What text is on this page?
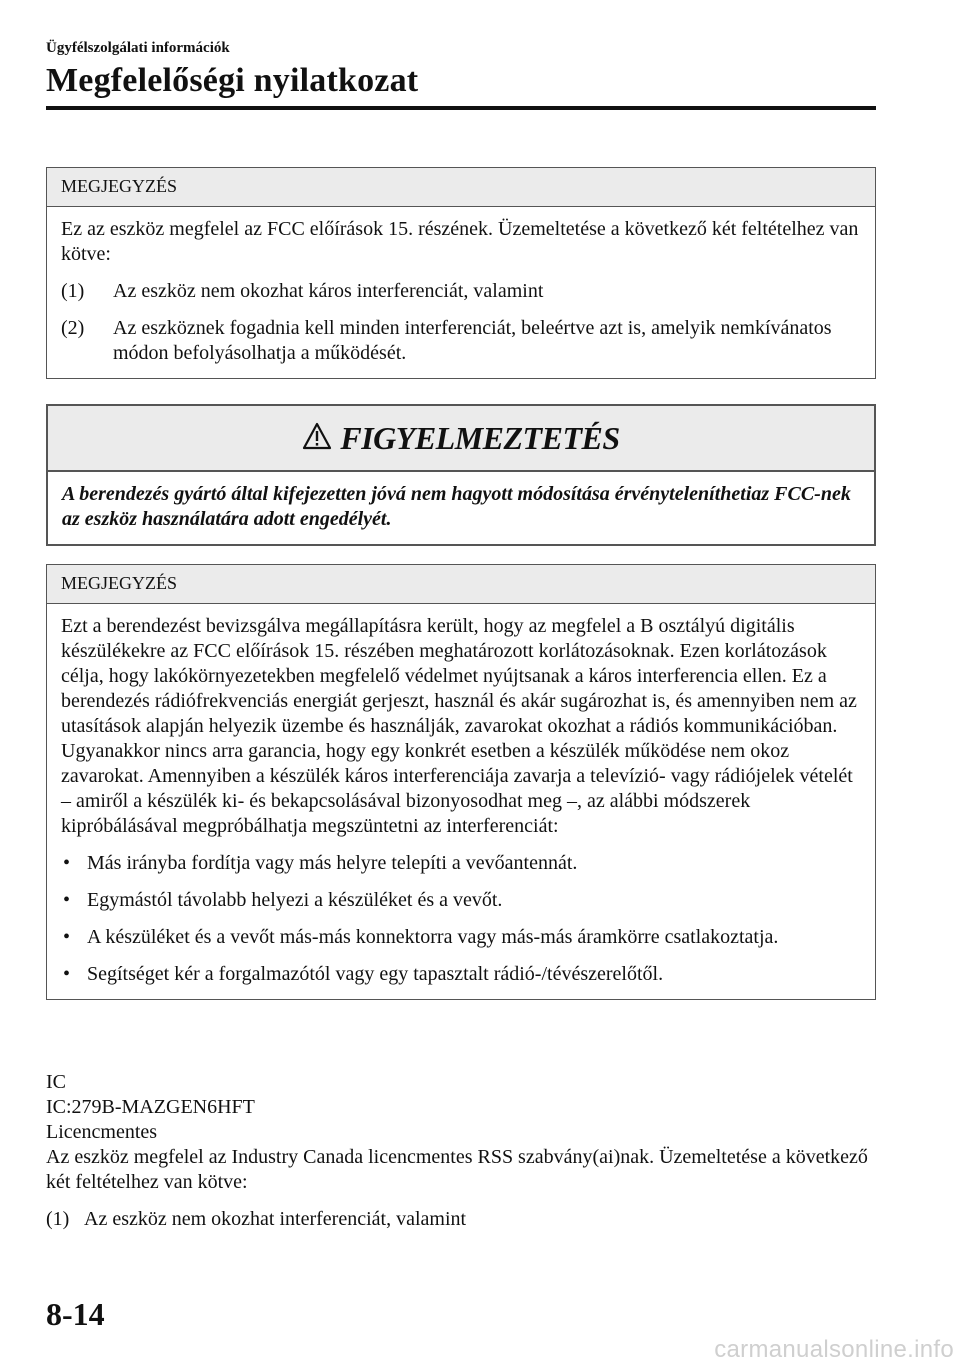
Ügyfélszolgálati információk
Megfelelőségi nyilatkozat
MEGJEGYZÉS

Ez az eszköz megfelel az FCC előírások 15. részének. Üzemeltetése a következő két feltételhez van kötve:

(1)	Az eszköz nem okozhat káros interferenciát, valamint
(2)	Az eszköznek fogadnia kell minden interferenciát, beleértve azt is, amelyik nemkívánatos módon befolyásolhatja a működését.
FIGYELMEZTETÉS
A berendezés gyártó által kifejezetten jóvá nem hagyott módosítása érvényteleníthetiaz FCC-nek az eszköz használatára adott engedélyét.
MEGJEGYZÉS

Ezt a berendezést bevizsgálva megállapításra került, hogy az megfelel a B osztályú digitális készülékekre az FCC előírások 15. részében meghatározott korlátozásoknak. Ezen korlátozások célja, hogy lakókörnyezetekben megfelelő védelmet nyújtsanak a káros interferencia ellen. Ez a berendezés rádiófrekvenciás energiát gerjeszt, használ és akár sugározhat is, és amennyiben nem az utasítások alapján helyezik üzembe és használják, zavarokat okozhat a rádiós kommunikációban. Ugyanakkor nincs arra garancia, hogy egy konkrét esetben a készülék működése nem okoz zavarokat. Amennyiben a készülék káros interferenciája zavarja a televízió- vagy rádiójelek vételét – amiről a készülék ki- és bekapcsolásával bizonyosodhat meg –, az alábbi módszerek kipróbálásával megpróbálhatja megszüntetni az interferenciát:

• Más irányba fordítja vagy más helyre telepíti a vevőantennát.
• Egymástól távolabb helyezi a készüléket és a vevőt.
• A készüléket és a vevőt más-más konnektorra vagy más-más áramkörre csatlakoztatja.
• Segítséget kér a forgalmazótól vagy egy tapasztalt rádió-/tévészerelőtől.

IC

IC:279B-MAZGEN6HFT

Licencmentes

Az eszköz megfelel az Industry Canada licencmentes RSS szabvány(ai)nak. Üzemeltetése a következő két feltételhez van kötve:

(1) Az eszköz nem okozhat interferenciát, valamint
8-14
carmanualsonline.info
